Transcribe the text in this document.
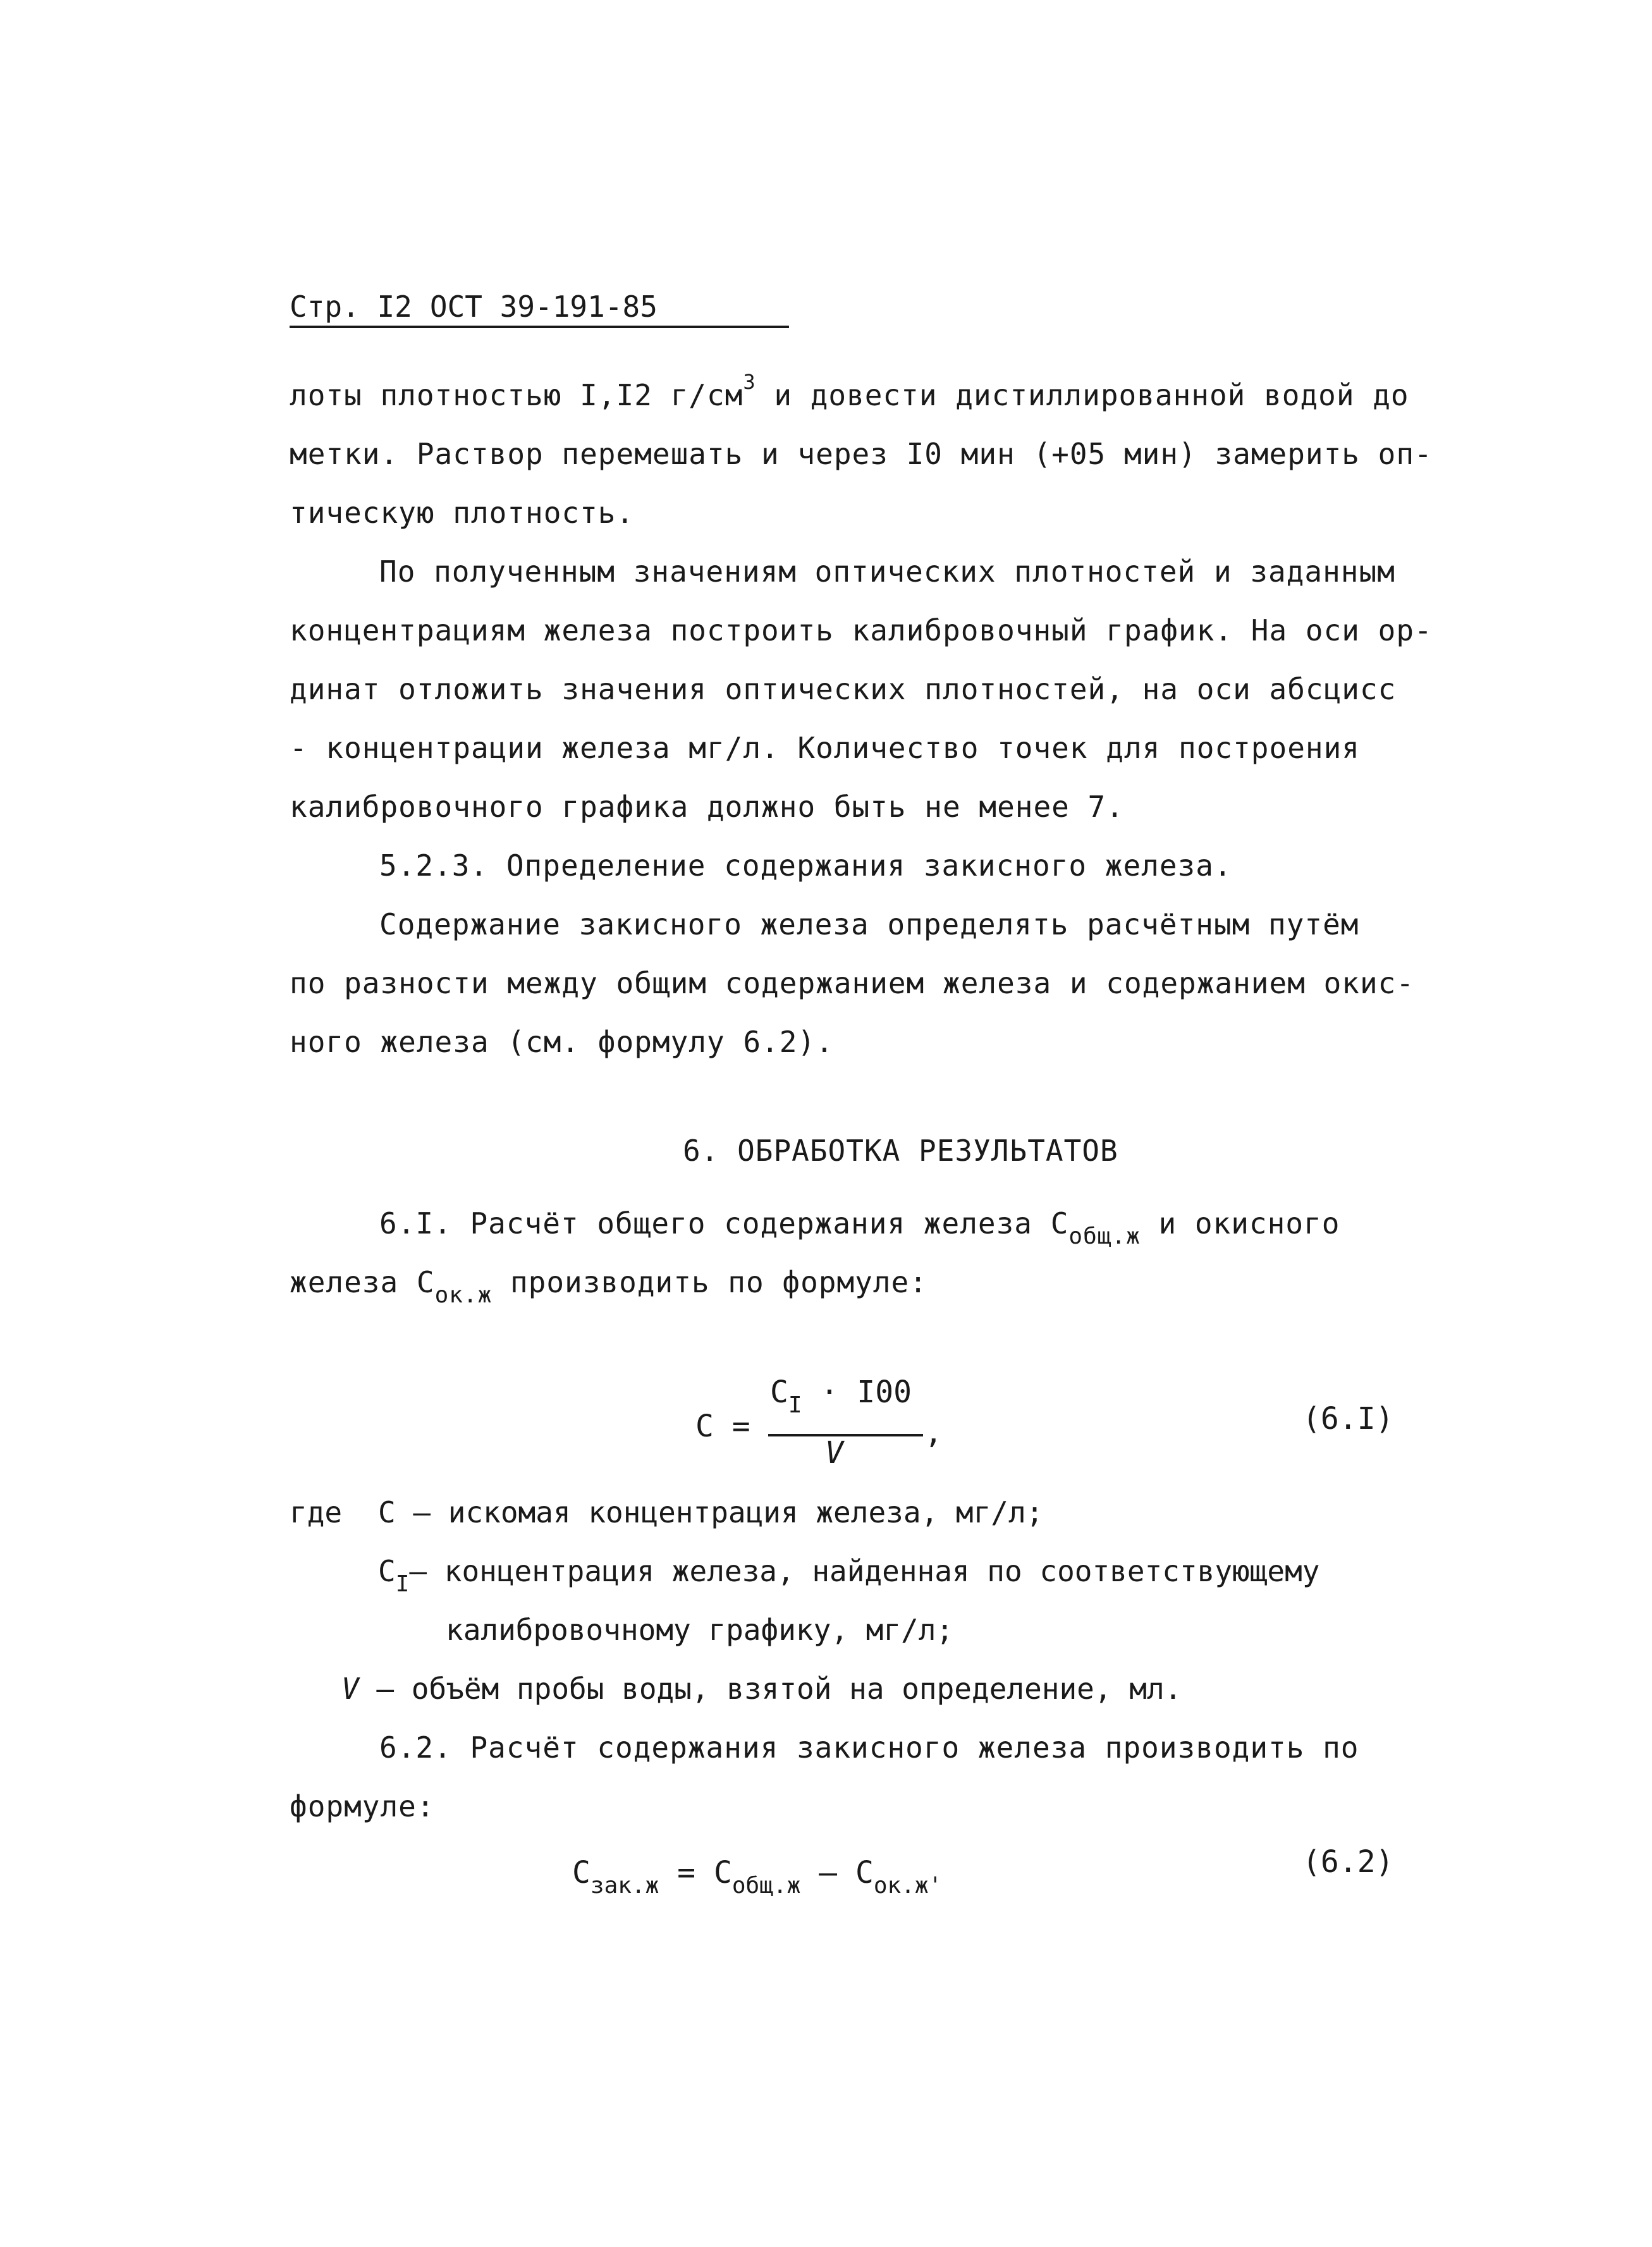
Стр. I2 ОСТ 39-191-85
лоты плотностью I,I2 $г/см^3$ и довести дистиллированной водой до
метки. Раствор перемешать и через I0 мин (+05 мин) замерить оп-
тическую плотность.
По полученным значениям оптических плотностей и заданным
концентрациям железа построить калибровочный график. На оси ор-
динат отложить значения оптических плотностей, на оси абсцисс
- концентрации железа мг/л. Количество точек для построения
калибровочного графика должно быть не менее 7.
5.2.3. Определение содержания закисного железа.
Содержание закисного железа определять расчётным путём
по разности между общим содержанием железа и содержанием окис-
ного железа (см. формулу 6.2).
6. ОБРАБОТКА РЕЗУЛЬТАТОВ
6.I. Расчёт общего содержания железа $С_{общ.ж}$ и окисного
железа $С_{ок.ж}$ производить по формуле:
С =
$С_I \cdot I00$
V
,	(6.I)
где С – искомая концентрация железа, мг/л;
$С_I-$ концентрация железа, найденная по соответствующему
калибровочному графику, мг/л;
V – объём пробы воды, взятой на определение, мл.
6.2. Расчёт содержания закисного железа производить по
формуле:
$С_{зак.ж} = С_{общ.ж} - С_{ок.ж'}$
(6.2)
